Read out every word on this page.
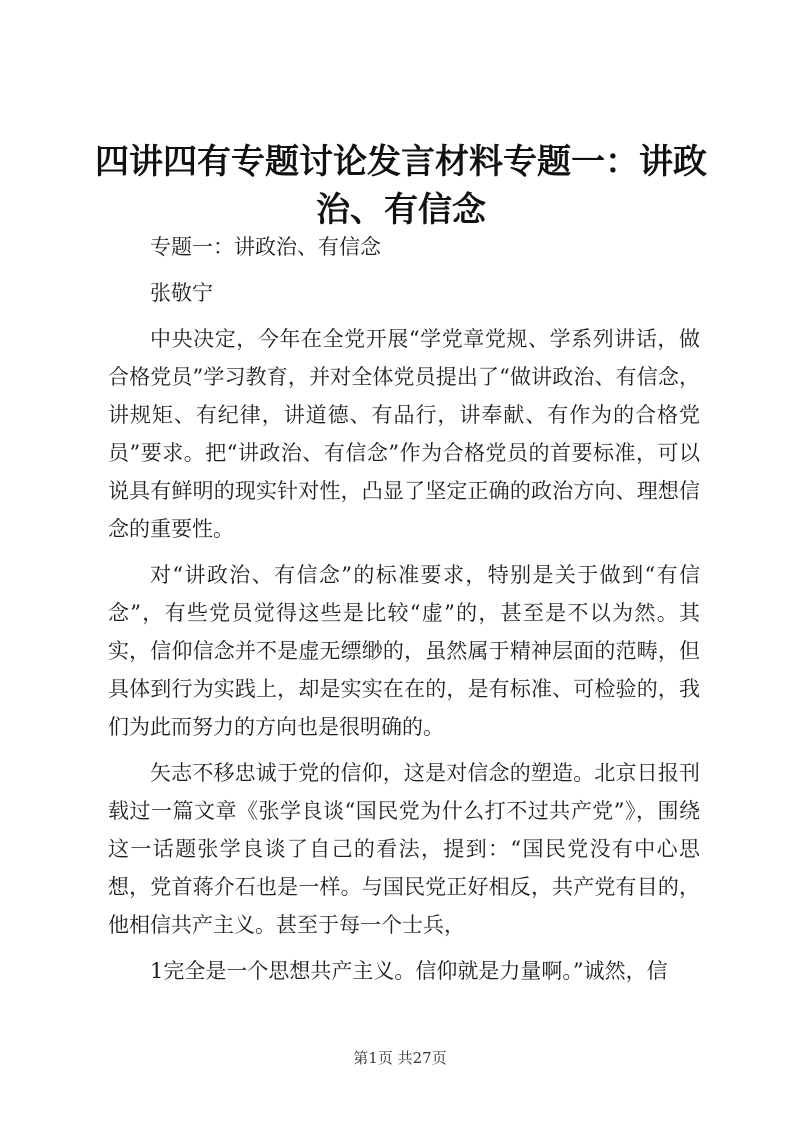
四讲四有专题讨论发言材料专题一：讲政治、有信念

专题一：讲政治、有信念

张敬宁

中央决定，今年在全党开展“学党章党规、学系列讲话，做合格党员”学习教育，并对全体党员提出了“做讲政治、有信念，讲规矩、有纪律，讲道德、有品行，讲奉献、有作为的合格党员”要求。把“讲政治、有信念”作为合格党员的首要标准，可以说具有鲜明的现实针对性，凸显了坚定正确的政治方向、理想信念的重要性。

对“讲政治、有信念”的标准要求，特别是关于做到“有信念”，有些党员觉得这些是比较“虚”的，甚至是不以为然。其实，信仰信念并不是虚无缥缈的，虽然属于精神层面的范畴，但具体到行为实践上，却是实实在在的，是有标准、可检验的，我们为此而努力的方向也是很明确的。

矢志不移忠诚于党的信仰，这是对信念的塑造。北京日报刊载过一篇文章《张学良谈“国民党为什么打不过共产党”》，围绕这一话题张学良谈了自己的看法，提到：“国民党没有中心思想，党首蒋介石也是一样。与国民党正好相反，共产党有目的，他相信共产主义。甚至于每一个士兵，

1完全是一个思想共产主义。信仰就是力量啊。”诚然，信

第1页 共27页
